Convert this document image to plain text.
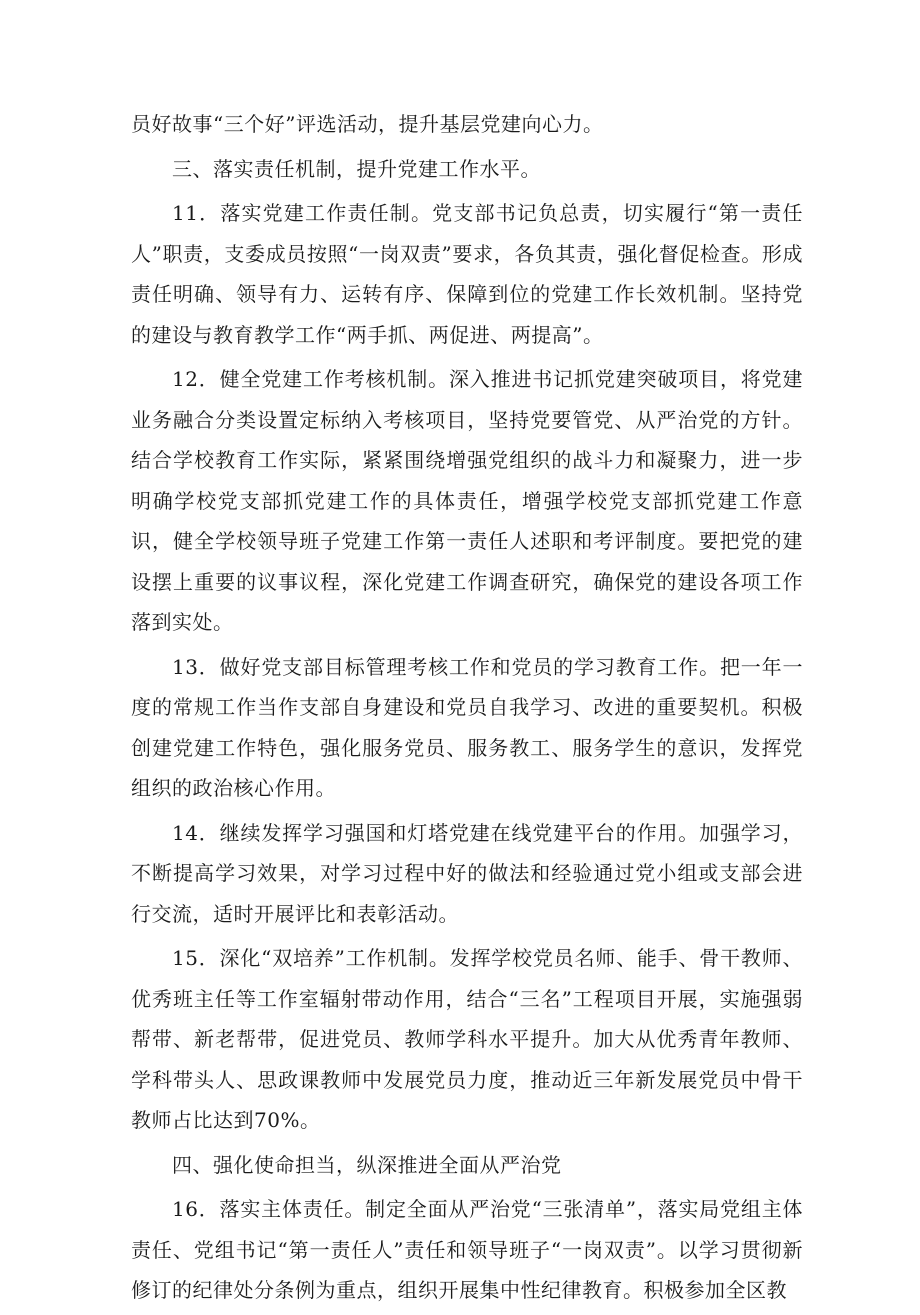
员好故事“三个好”评选活动，提升基层党建向心力。

三、落实责任机制，提升党建工作水平。

11．落实党建工作责任制。党支部书记负总责，切实履行“第一责任人”职责，支委成员按照“一岗双责”要求，各负其责，强化督促检查。形成责任明确、领导有力、运转有序、保障到位的党建工作长效机制。坚持党的建设与教育教学工作“两手抓、两促进、两提高”。

12．健全党建工作考核机制。深入推进书记抓党建突破项目，将党建业务融合分类设置定标纳入考核项目，坚持党要管党、从严治党的方针。结合学校教育工作实际，紧紧围绕增强党组织的战斗力和凝聚力，进一步明确学校党支部抓党建工作的具体责任，增强学校党支部抓党建工作意识，健全学校领导班子党建工作第一责任人述职和考评制度。要把党的建设摆上重要的议事议程，深化党建工作调查研究，确保党的建设各项工作落到实处。

13．做好党支部目标管理考核工作和党员的学习教育工作。把一年一度的常规工作当作支部自身建设和党员自我学习、改进的重要契机。积极创建党建工作特色，强化服务党员、服务教工、服务学生的意识，发挥党组织的政治核心作用。

14．继续发挥学习强国和灯塔党建在线党建平台的作用。加强学习，不断提高学习效果，对学习过程中好的做法和经验通过党小组或支部会进行交流，适时开展评比和表彰活动。

15．深化“双培养”工作机制。发挥学校党员名师、能手、骨干教师、优秀班主任等工作室辐射带动作用，结合“三名”工程项目开展，实施强弱帮带、新老帮带，促进党员、教师学科水平提升。加大从优秀青年教师、学科带头人、思政课教师中发展党员力度，推动近三年新发展党员中骨干教师占比达到70%。

四、强化使命担当，纵深推进全面从严治党

16．落实主体责任。制定全面从严治党“三张清单”，落实局党组主体责任、党组书记“第一责任人”责任和领导班子“一岗双责”。以学习贯彻新修订的纪律处分条例为重点，组织开展集中性纪律教育。积极参加全区教
